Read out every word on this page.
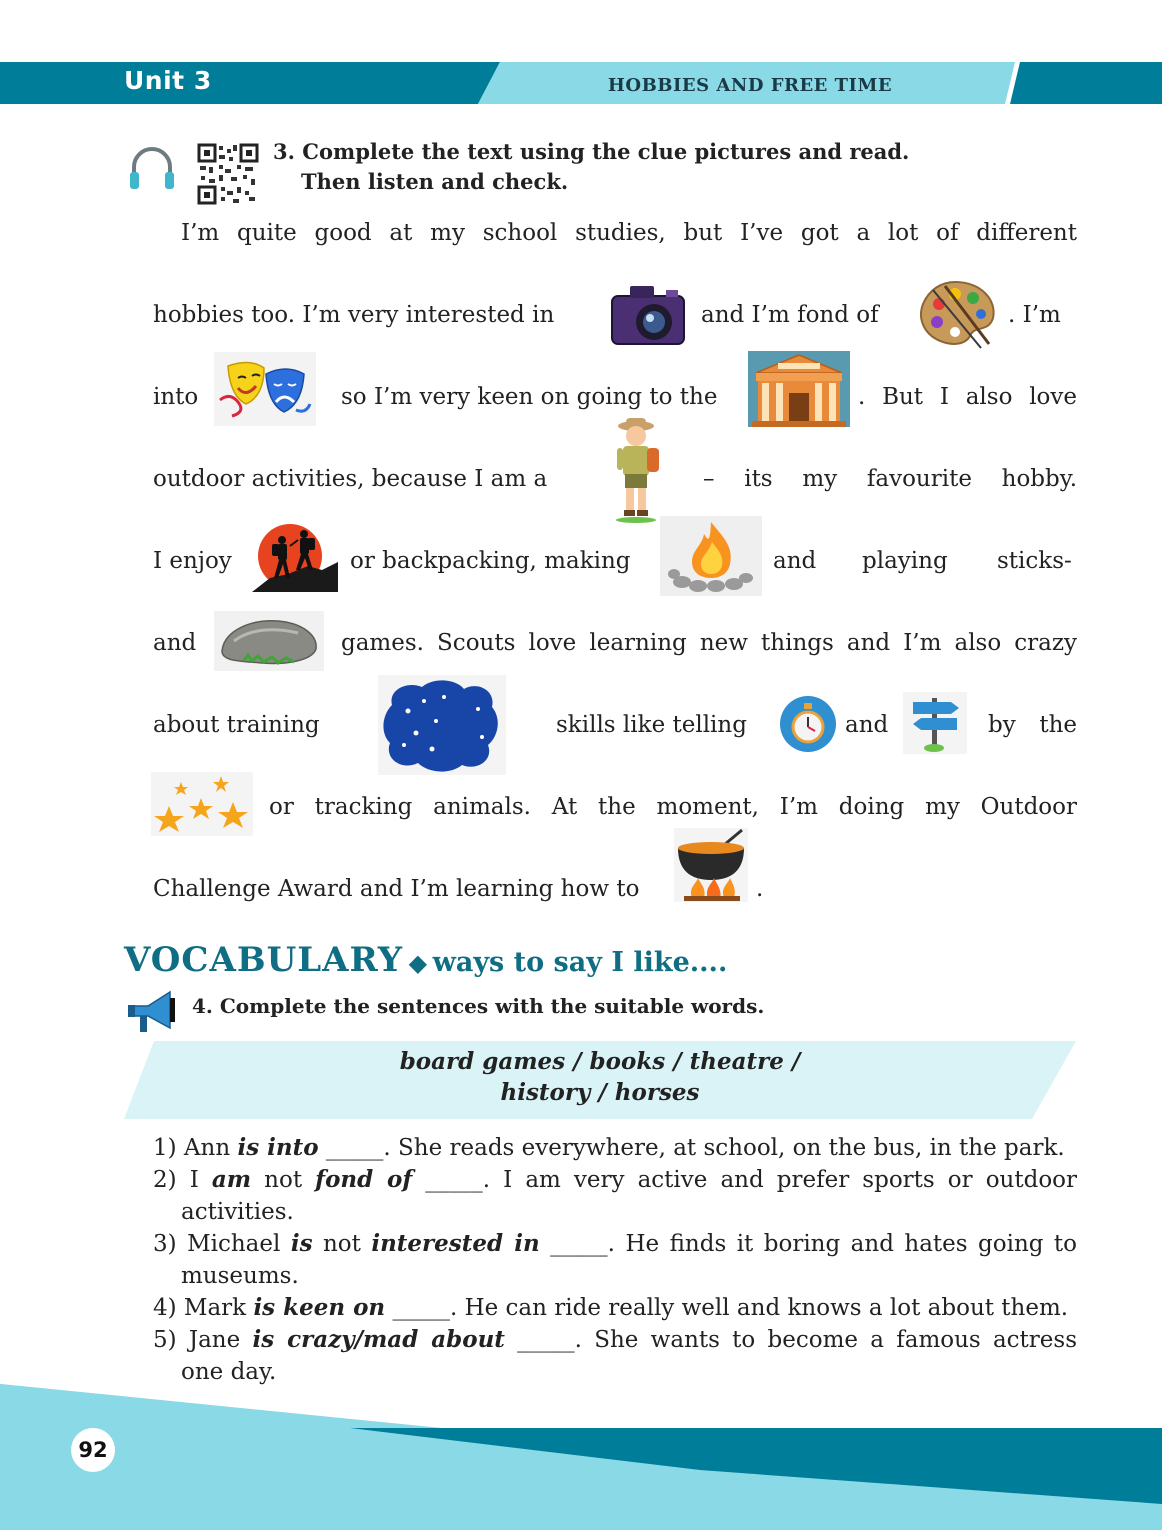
Unit 3	HOBBIES AND FREE TIME
3. Complete the text using the clue pictures and read.
Then listen and check.
I’m quite good at my school studies, but I’ve got a lot of different
hobbies too. I’m very interested in	and I’m fond of	. I’m
into	so I’m very keen on going to the	. But I also love
outdoor activities, because I am a	– its my favourite hobby.
I enjoy	or backpacking, making	and playing sticks-
and	games. Scouts love learning new things and I’m also crazy
about training	skills like telling	and	by the
or tracking animals. At the moment, I’m doing my Outdoor
Challenge Award and I’m learning how to	.
VOCABULARY ◆ ways to say I like....
4. Complete the sentences with the suitable words.
board games / books / theatre /
history / horses
1) Ann is into _____. She reads everywhere, at school, on the bus, in the park.
2) I am not fond of _____. I am very active and prefer sports or outdoor
activities.
3) Michael is not interested in _____. He finds it boring and hates going to
museums.
4) Mark is keen on _____. He can ride really well and knows a lot about them.
5) Jane is crazy/mad about _____. She wants to become a famous actress
one day.
92
